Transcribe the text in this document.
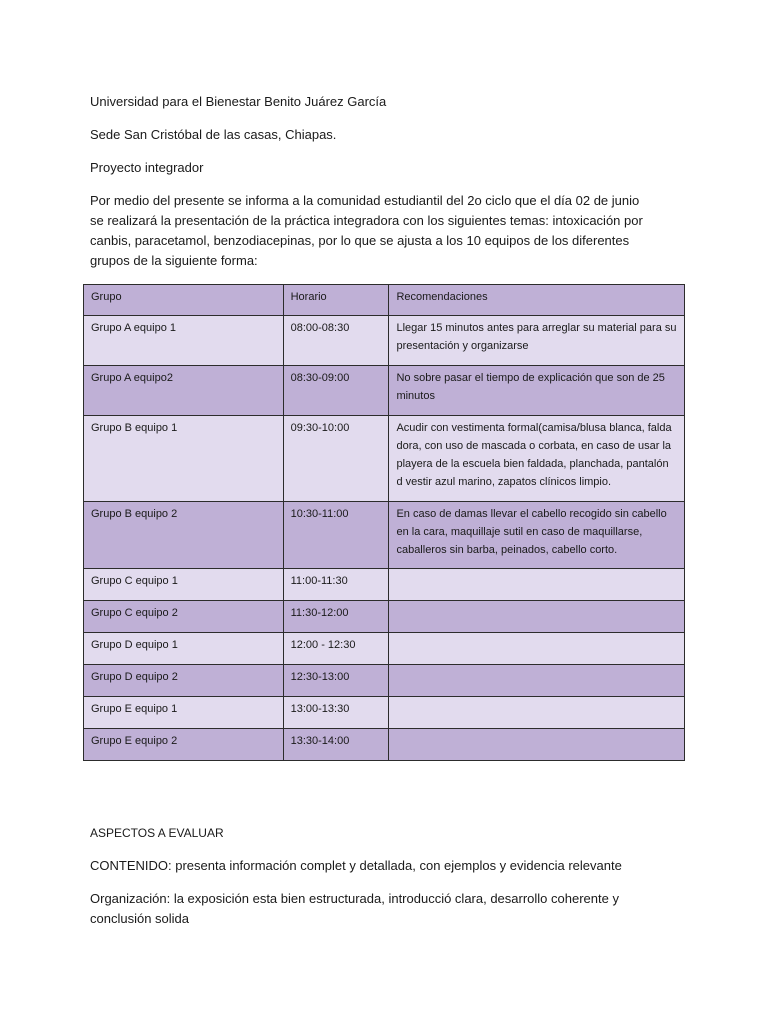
Universidad para el Bienestar Benito Juárez García

Sede San Cristóbal de las casas, Chiapas.

Proyecto integrador

Por medio del presente se informa a la comunidad estudiantil del 2o ciclo que el día 02 de junio se realizará la presentación de la práctica integradora con los siguientes temas: intoxicación por canbis, paracetamol, benzodiacepinas, por lo que se ajusta a los 10 equipos de los diferentes grupos de la siguiente forma:

Grupo	Horario	Recomendaciones
Grupo A equipo 1	08:00-08:30	Llegar 15 minutos antes para arreglar su material para su presentación y organizarse
Grupo A equipo2	08:30-09:00	No sobre pasar el tiempo de explicación que son de 25 minutos
Grupo B equipo 1	09:30-10:00	Acudir con vestimenta formal(camisa/blusa blanca, falda dora, con uso de mascada o corbata, en caso de usar la playera de la escuela bien faldada, planchada, pantalón d vestir azul marino, zapatos clínicos limpio.
Grupo B equipo 2	10:30-11:00	En caso de damas llevar el cabello recogido sin cabello en la cara, maquillaje sutil en caso de maquillarse, caballeros sin barba, peinados, cabello corto.
Grupo C equipo 1	11:00-11:30	
Grupo C equipo 2	11:30-12:00	
Grupo D equipo 1	12:00 - 12:30	
Grupo D equipo 2	12:30-13:00	
Grupo E equipo 1	13:00-13:30	
Grupo E equipo 2	13:30-14:00	

ASPECTOS A EVALUAR

CONTENIDO: presenta información complet y detallada, con ejemplos y evidencia relevante

Organización: la exposición esta bien estructurada, introducció clara, desarrollo coherente y conclusión solida
